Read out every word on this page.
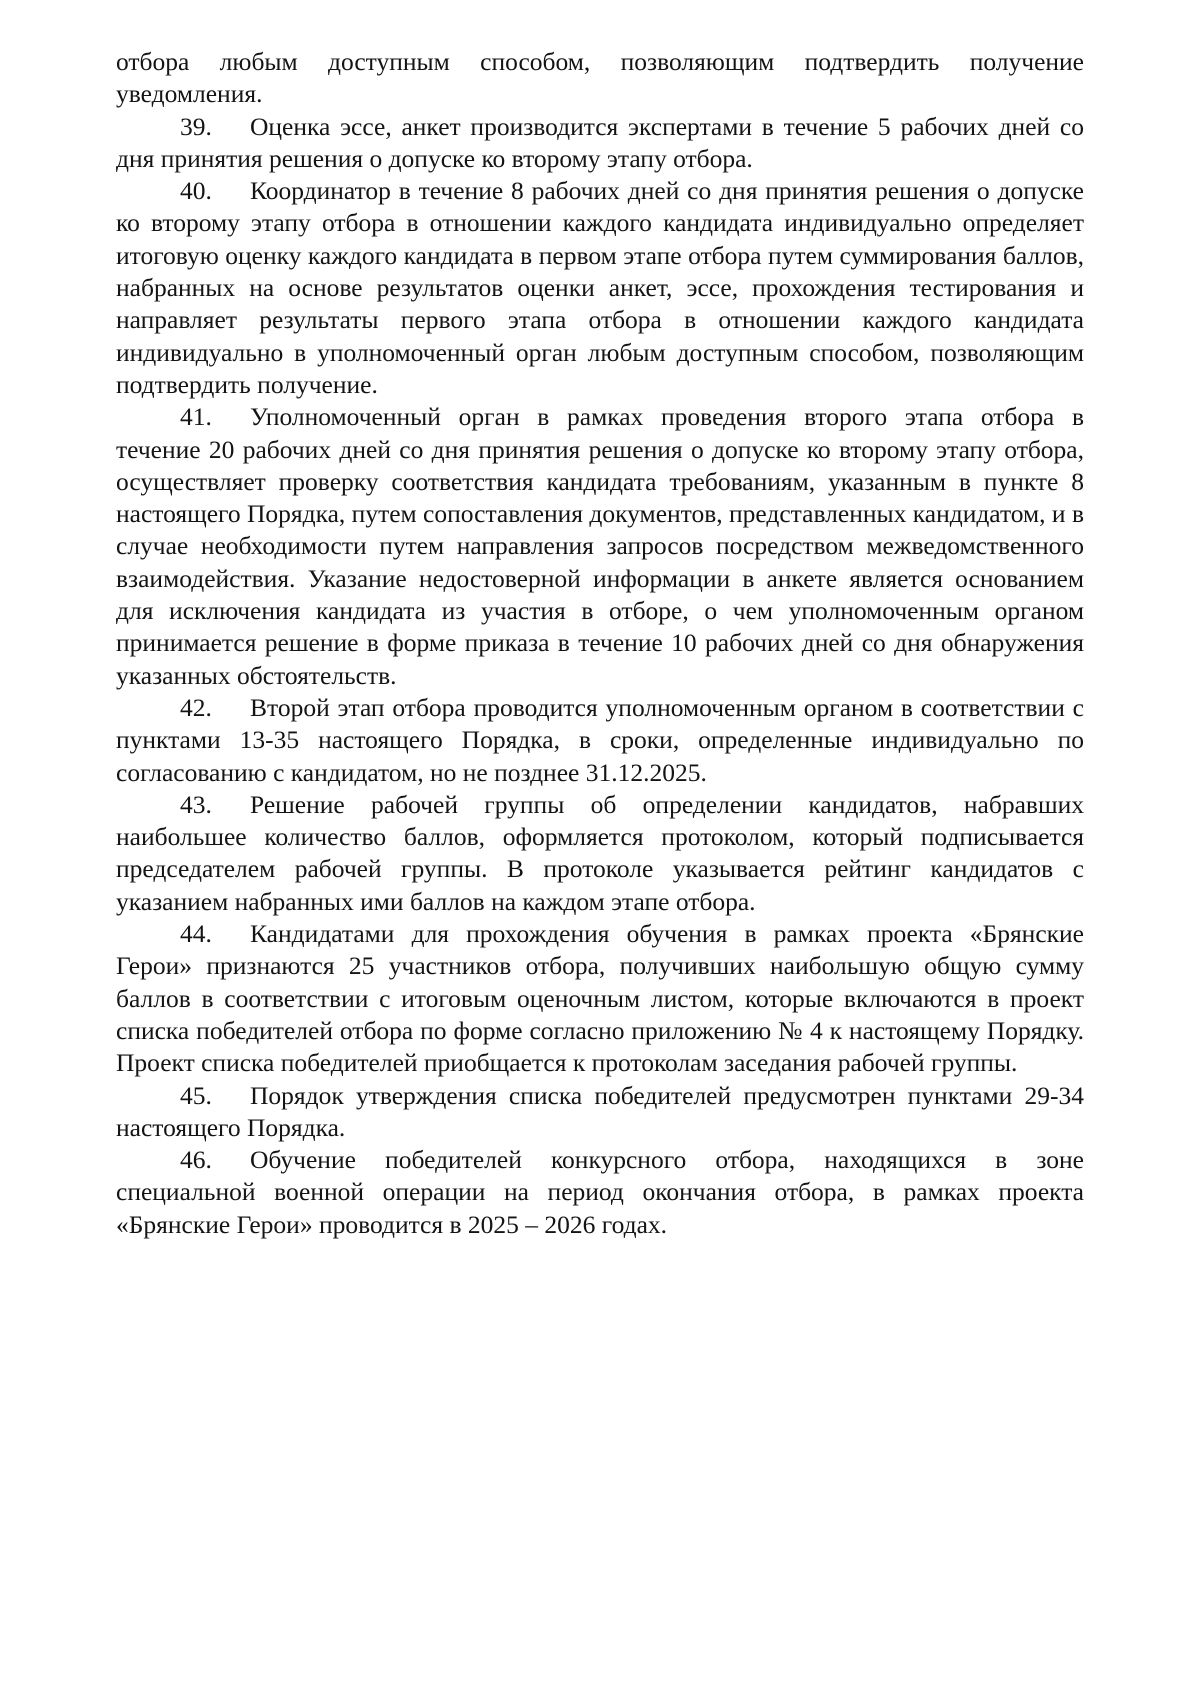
отбора любым доступным способом, позволяющим подтвердить получение уведомления.

39. Оценка эссе, анкет производится экспертами в течение 5 рабочих дней со дня принятия решения о допуске ко второму этапу отбора.

40. Координатор в течение 8 рабочих дней со дня принятия решения о допуске ко второму этапу отбора в отношении каждого кандидата индивидуально определяет итоговую оценку каждого кандидата в первом этапе отбора путем суммирования баллов, набранных на основе результатов оценки анкет, эссе, прохождения тестирования и направляет результаты первого этапа отбора в отношении каждого кандидата индивидуально в уполномоченный орган любым доступным способом, позволяющим подтвердить получение.

41. Уполномоченный орган в рамках проведения второго этапа отбора в течение 20 рабочих дней со дня принятия решения о допуске ко второму этапу отбора, осуществляет проверку соответствия кандидата требованиям, указанным в пункте 8 настоящего Порядка, путем сопоставления документов, представленных кандидатом, и в случае необходимости путем направления запросов посредством межведомственного взаимодействия. Указание недостоверной информации в анкете является основанием для исключения кандидата из участия в отборе, о чем уполномоченным органом принимается решение в форме приказа в течение 10 рабочих дней со дня обнаружения указанных обстоятельств.

42. Второй этап отбора проводится уполномоченным органом в соответствии с пунктами 13-35 настоящего Порядка, в сроки, определенные индивидуально по согласованию с кандидатом, но не позднее 31.12.2025.

43. Решение рабочей группы об определении кандидатов, набравших наибольшее количество баллов, оформляется протоколом, который подписывается председателем рабочей группы. В протоколе указывается рейтинг кандидатов с указанием набранных ими баллов на каждом этапе отбора.

44. Кандидатами для прохождения обучения в рамках проекта «Брянские Герои» признаются 25 участников отбора, получивших наибольшую общую сумму баллов в соответствии с итоговым оценочным листом, которые включаются в проект списка победителей отбора по форме согласно приложению № 4 к настоящему Порядку. Проект списка победителей приобщается к протоколам заседания рабочей группы.

45. Порядок утверждения списка победителей предусмотрен пунктами 29-34 настоящего Порядка.

46. Обучение победителей конкурсного отбора, находящихся в зоне специальной военной операции на период окончания отбора, в рамках проекта «Брянские Герои» проводится в 2025 – 2026 годах.
